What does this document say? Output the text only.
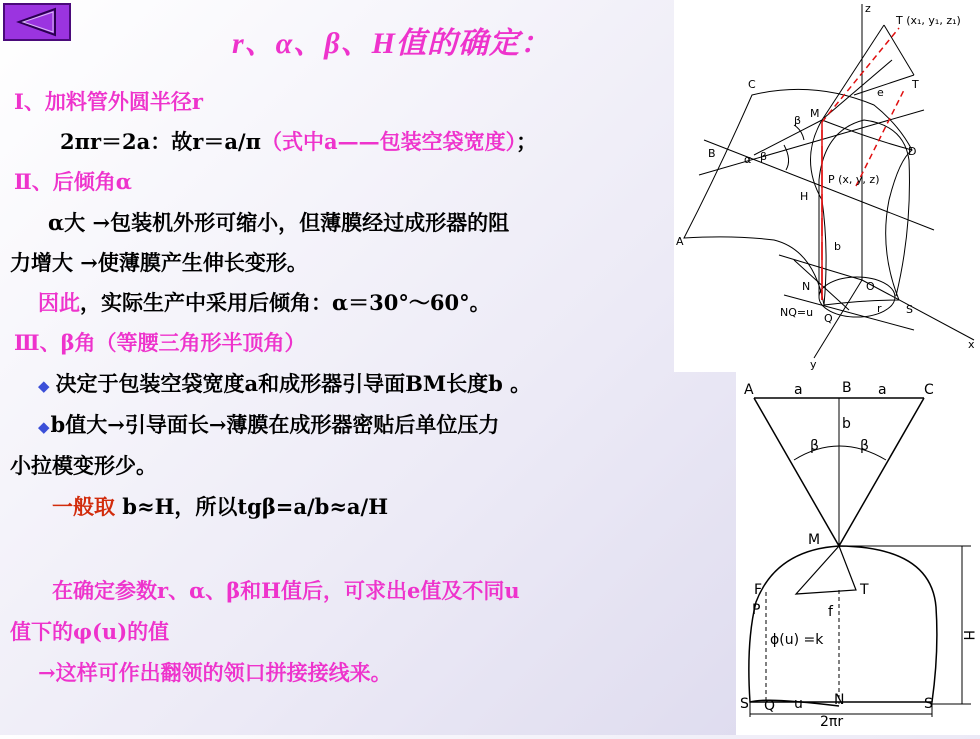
r、α、β、H值的确定：
Ⅰ、加料管外圆半径r
2πr＝2a：故r＝a/π（式中a——包装空袋宽度）；
Ⅱ、后倾角α
α大 →包装机外形可缩小，但薄膜经过成形器的阻
力增大 →使薄膜产生伸长变形。
因此，实际生产中采用后倾角：α＝30°～60°。
Ⅲ、β角（等腰三角形半顶角）
◆ 决定于包装空袋宽度a和成形器引导面BM长度b 。
◆b值大→引导面长→薄膜在成形器密贴后单位压力
小拉模变形少。
一般取 b≈H，所以tgβ=a/b≈a/H
在确定参数r、α、β和H值后，可求出e值及不同u
值下的φ(u)的值
→这样可作出翻领的领口拼接接线来。
z
T (x₁, y₁, z₁)
T
e
C
M
β
B	α β	D
P (x, y, z)
H
b
A
N	O
NQ=u Q
S
r
x
y
A	a	B a	C
b
β	β
M
F	T
P	f
ϕ(u) =k	H
S Q u N	S
2πr
